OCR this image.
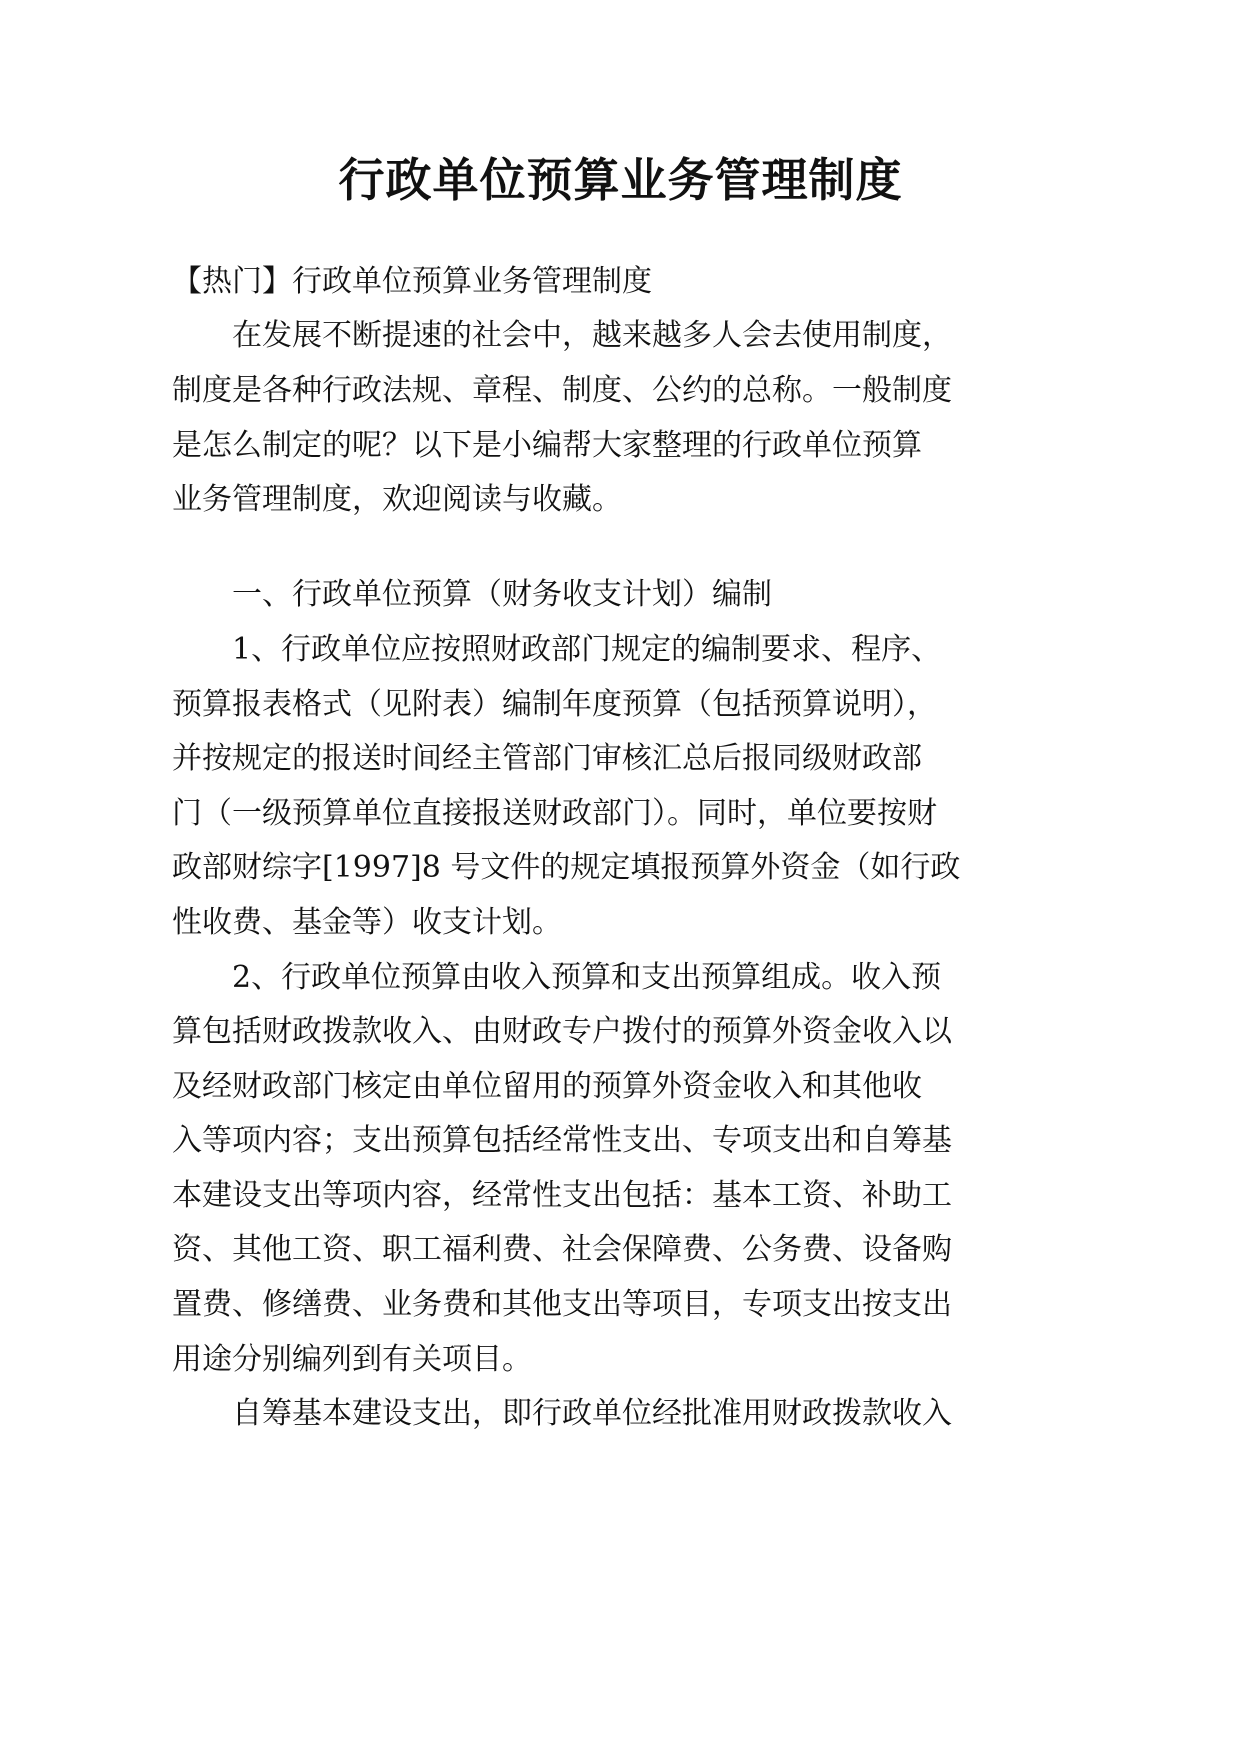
行政单位预算业务管理制度

【热门】行政单位预算业务管理制度

在发展不断提速的社会中，越来越多人会去使用制度，

制度是各种行政法规、章程、制度、公约的总称。一般制度

是怎么制定的呢？以下是小编帮大家整理的行政单位预算

业务管理制度，欢迎阅读与收藏。

一、行政单位预算（财务收支计划）编制

1、行政单位应按照财政部门规定的编制要求、程序、

预算报表格式（见附表）编制年度预算（包括预算说明），

并按规定的报送时间经主管部门审核汇总后报同级财政部

门（一级预算单位直接报送财政部门）。同时，单位要按财

政部财综字[1997]8 号文件的规定填报预算外资金（如行政

性收费、基金等）收支计划。

2、行政单位预算由收入预算和支出预算组成。收入预

算包括财政拨款收入、由财政专户拨付的预算外资金收入以

及经财政部门核定由单位留用的预算外资金收入和其他收

入等项内容；支出预算包括经常性支出、专项支出和自筹基

本建设支出等项内容，经常性支出包括：基本工资、补助工

资、其他工资、职工福利费、社会保障费、公务费、设备购

置费、修缮费、业务费和其他支出等项目，专项支出按支出

用途分别编列到有关项目。

自筹基本建设支出，即行政单位经批准用财政拨款收入
